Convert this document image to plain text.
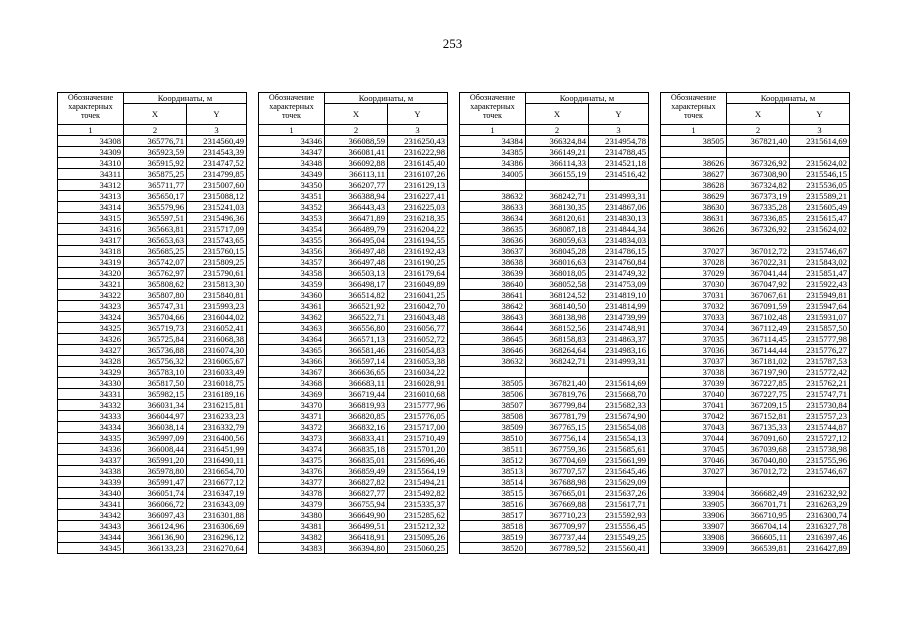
253
Обозначение характерных точек	Координаты, м	
	X	Y
1	2	3
34308	365776,71	2314560,49
34309	365923,59	2314543,39
34310	365915,92	2314747,52
34311	365875,25	2314799,85
34312	365711,77	2315007,60
34313	365650,17	2315088,12
34314	365579,96	2315241,03
34315	365597,51	2315496,36
34316	365663,81	2315717,09
34317	365653,63	2315743,65
34318	365685,25	2315760,15
34319	365742,07	2315809,25
34320	365762,97	2315790,61
34321	365808,62	2315813,30
34322	365807,80	2315840,81
34323	365747,31	2315993,23
34324	365704,66	2316044,02
34325	365719,73	2316052,41
34326	365725,84	2316068,38
34327	365736,88	2316074,30
34328	365756,32	2316065,67
34329	365783,10	2316033,49
34330	365817,50	2316018,75
34331	365982,15	2316189,16
34332	366031,34	2316215,81
34333	366044,97	2316233,23
34334	366038,14	2316332,79
34335	365997,09	2316400,56
34336	366008,44	2316451,99
34337	365991,20	2316490,11
34338	365978,80	2316654,70
34339	365991,47	2316677,12
34340	366051,74	2316347,19
34341	366066,72	2316343,09
34342	366097,43	2316301,88
34343	366124,96	2316306,69
34344	366136,90	2316296,12
34345	366133,23	2316270,64
Обозначение характерных точек	Координаты, м	
	X	Y
1	2	3
34346	366088,59	2316250,43
34347	366081,41	2316222,98
34348	366092,88	2316145,40
34349	366113,11	2316107,26
34350	366207,77	2316129,13
34351	366388,94	2316227,41
34352	366443,43	2316225,03
34353	366471,89	2316218,35
34354	366489,79	2316204,22
34355	366495,04	2316194,55
34356	366497,48	2316192,43
34357	366497,48	2316190,25
34358	366503,13	2316179,64
34359	366498,17	2316049,89
34360	366514,82	2316041,25
34361	366521,92	2316042,70
34362	366522,71	2316043,48
34363	366556,80	2316056,77
34364	366571,13	2316052,72
34365	366581,46	2316054,83
34366	366597,14	2316053,38
34367	366636,65	2316034,22
34368	366683,11	2316028,91
34369	366719,44	2316010,68
34370	366819,93	2315777,96
34371	366820,85	2315776,05
34372	366832,16	2315717,00
34373	366833,41	2315710,49
34374	366835,18	2315701,20
34375	366835,01	2315696,46
34376	366859,49	2315564,19
34377	366827,82	2315494,21
34378	366827,77	2315492,82
34379	366755,94	2315335,37
34380	366649,90	2315285,62
34381	366499,51	2315212,32
34382	366418,91	2315095,26
34383	366394,80	2315060,25
Обозначение характерных точек	Координаты, м	
	X	Y
1	2	3
34384	366324,84	2314954,78
34385	366149,21	2314788,45
34386	366114,33	2314521,18
34005	366155,19	2314516,42

38632	368242,71	2314993,31
38633	368130,35	2314867,06
38634	368120,61	2314830,13
38635	368087,18	2314844,34
38636	368059,63	2314834,03
38637	368045,28	2314786,15
38638	368016,63	2314760,84
38639	368018,05	2314749,32
38640	368052,58	2314753,09
38641	368124,52	2314819,10
38642	368140,50	2314814,99
38643	368138,98	2314739,99
38644	368152,56	2314748,91
38645	368158,83	2314863,37
38646	368264,64	2314983,16
38632	368242,71	2314993,31

38505	367821,40	2315614,69
38506	367819,76	2315668,70
38507	367799,84	2315682,33
38508	367781,79	2315674,90
38509	367765,15	2315654,08
38510	367756,14	2315654,13
38511	367759,36	2315685,61
38512	367704,69	2315661,99
38513	367707,57	2315645,46
38514	367688,98	2315629,09
38515	367665,01	2315637,26
38516	367669,88	2315617,71
38517	367710,23	2315592,93
38518	367709,97	2315556,45
38519	367737,44	2315549,25
38520	367789,52	2315560,41
Обозначение характерных точек	Координаты, м	
	X	Y
1	2	3
38505	367821,40	2315614,69

38626	367326,92	2315624,02
38627	367308,90	2315546,15
38628	367324,82	2315536,05
38629	367373,19	2315589,21
38630	367335,28	2315605,49
38631	367336,85	2315615,47
38626	367326,92	2315624,02

37027	367012,72	2315746,67
37028	367022,31	2315843,02
37029	367041,44	2315851,47
37030	367047,92	2315922,43
37031	367067,61	2315949,81
37032	367091,59	2315947,64
37033	367102,48	2315931,07
37034	367112,49	2315857,50
37035	367114,45	2315777,98
37036	367144,44	2315776,27
37037	367181,02	2315787,53
37038	367197,90	2315772,42
37039	367227,85	2315762,21
37040	367227,75	2315747,71
37041	367209,15	2315730,84
37042	367152,81	2315757,23
37043	367135,33	2315744,87
37044	367091,60	2315727,12
37045	367039,68	2315738,98
37046	367040,80	2315755,96
37027	367012,72	2315746,67

33904	366682,49	2316232,92
33905	366701,71	2316263,29
33906	366710,95	2316300,74
33907	366704,14	2316327,78
33908	366605,11	2316397,46
33909	366539,81	2316427,89
